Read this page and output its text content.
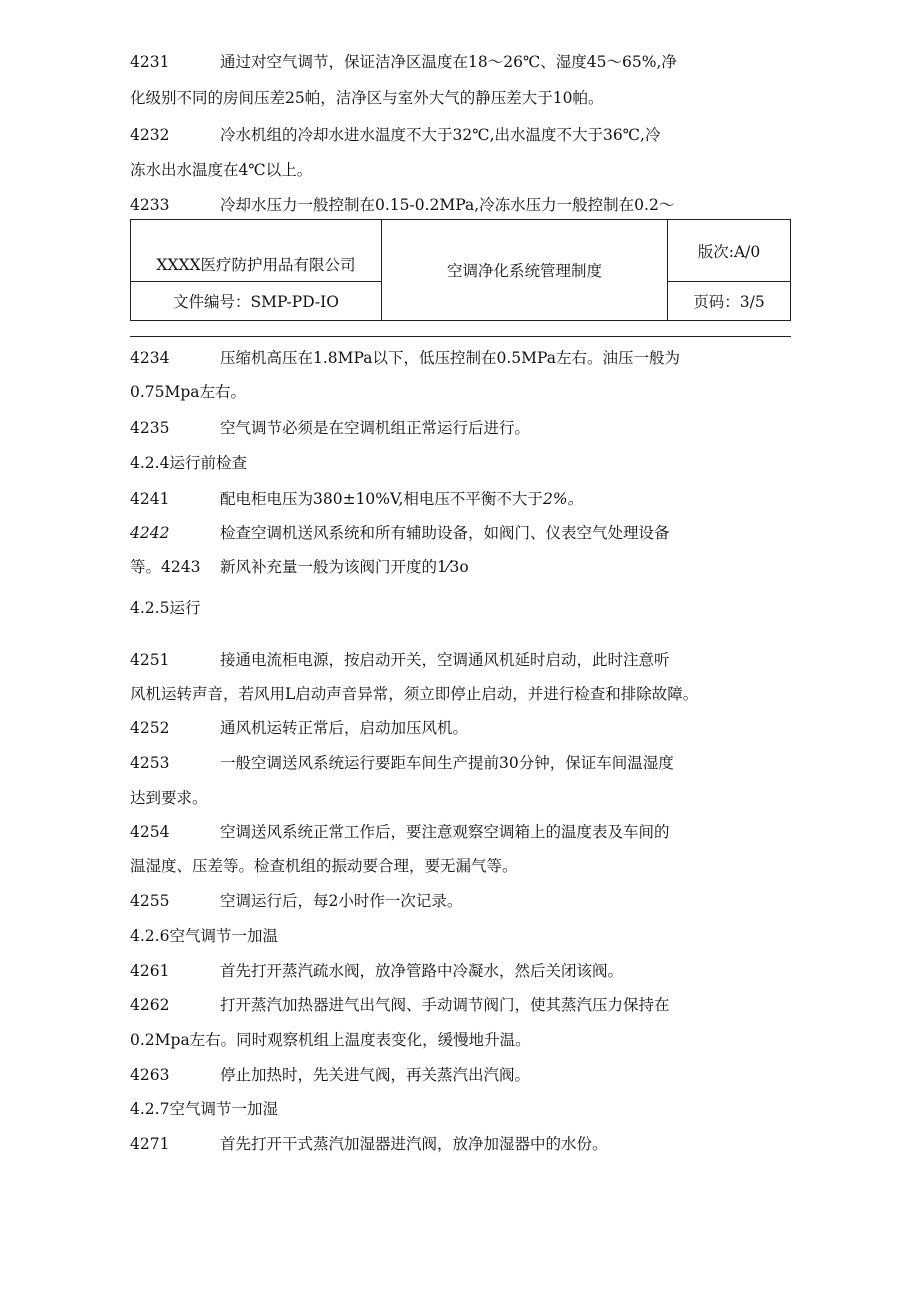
4231	通过对空气调节，保证洁净区温度在18～26℃、湿度45～65%,净
化级别不同的房间压差25帕，洁净区与室外大气的静压差大于10帕。
4232	冷水机组的冷却水进水温度不大于32℃,出水温度不大于36℃,冷
冻水出水温度在4℃以上。
4233	冷却水压力一般控制在0.15-0.2MPa,冷冻水压力一般控制在0.2～
XXXX医疗防护用品有限公司	空调净化系统管理制度	版次:A/0
文件编号：SMP-PD-IO		页码：3/5
4234	压缩机高压在1.8MPa以下，低压控制在0.5MPa左右。油压一般为
0.75Mpa左右。
4235	空气调节必须是在空调机组正常运行后进行。
4.2.4运行前检查
4241	配电柜电压为380±10%V,相电压不平衡不大于2%。
4242	检查空调机送风系统和所有辅助设备，如阀门、仪表空气处理设备
等。4243 新风补充量一般为该阀门开度的1⁄3o
4.2.5运行
4251	接通电流柜电源，按启动开关，空调通风机延时启动，此时注意听
风机运转声音，若风用L启动声音异常，须立即停止启动，并进行检查和排除故障。
4252	通风机运转正常后，启动加压风机。
4253	一般空调送风系统运行要距车间生产提前30分钟，保证车间温湿度
达到要求。
4254	空调送风系统正常工作后，要注意观察空调箱上的温度表及车间的
温湿度、压差等。检查机组的振动要合理，要无漏气等。
4255	空调运行后，每2小时作一次记录。
4.2.6空气调节一加温
4261	首先打开蒸汽疏水阀，放净管路中冷凝水，然后关闭该阀。
4262	打开蒸汽加热器进气出气阀、手动调节阀门，使其蒸汽压力保持在
0.2Mpa左右。同时观察机组上温度表变化，缓慢地升温。
4263	停止加热时，先关进气阀，再关蒸汽出汽阀。
4.2.7空气调节一加湿
4271	首先打开干式蒸汽加湿器进汽阀，放净加湿器中的水份。
